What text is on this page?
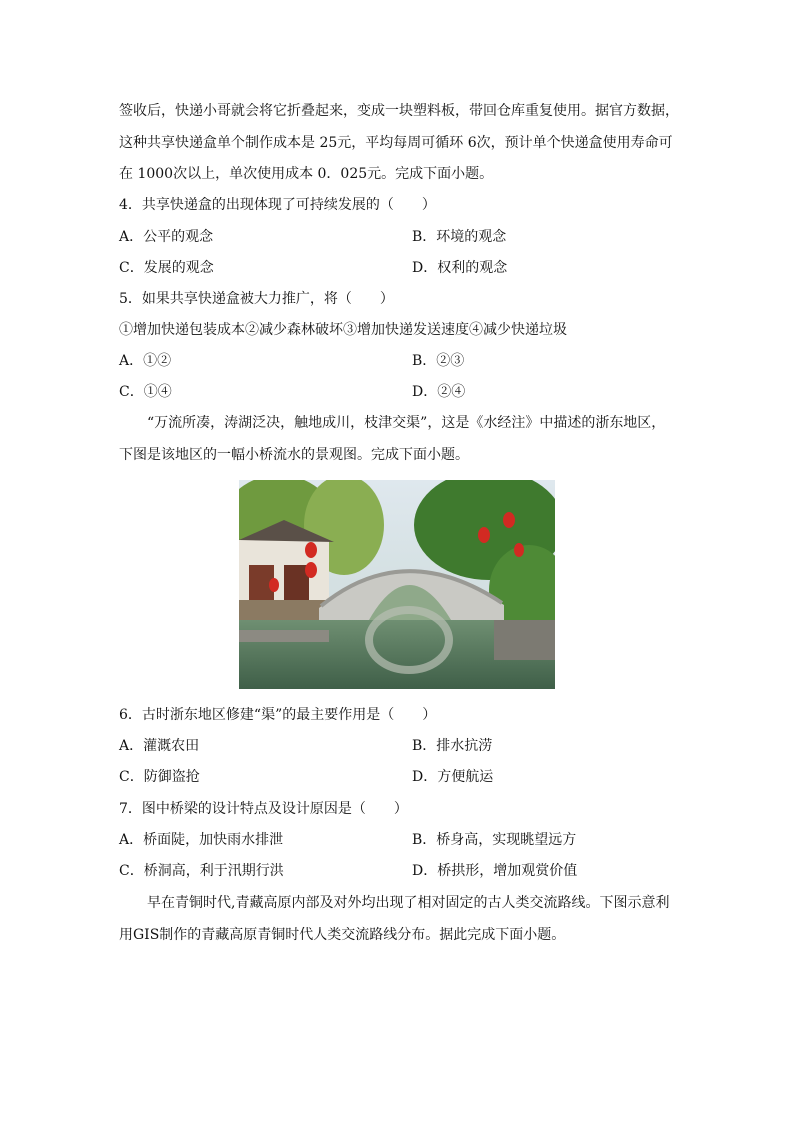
签收后，快递小哥就会将它折叠起来，变成一块塑料板，带回仓库重复使用。据官方数据，
这种共享快递盒单个制作成本是 25元，平均每周可循环 6次，预计单个快递盒使用寿命可
在 1000次以上，单次使用成本 0．025元。完成下面小题。
4．共享快递盒的出现体现了可持续发展的（　　）
A．公平的观念	B．环境的观念
C．发展的观念	D．权利的观念
5．如果共享快递盒被大力推广，将（　　）
①增加快递包装成本②减少森林破坏③增加快递发送速度④减少快递垃圾
A．①②	B．②③
C．①④	D．②④
“万流所凑，涛湖泛决，触地成川，枝津交渠”，这是《水经注》中描述的浙东地区，
下图是该地区的一幅小桥流水的景观图。完成下面小题。
6．古时浙东地区修建“渠”的最主要作用是（　　）
A．灌溉农田	B．排水抗涝
C．防御盗抢	D．方便航运
7．图中桥梁的设计特点及设计原因是（　　）
A．桥面陡，加快雨水排泄	B．桥身高，实现眺望远方
C．桥洞高，利于汛期行洪	D．桥拱形，增加观赏价值
早在青铜时代,青藏高原内部及对外均出现了相对固定的古人类交流路线。下图示意利
用GIS制作的青藏高原青铜时代人类交流路线分布。据此完成下面小题。
